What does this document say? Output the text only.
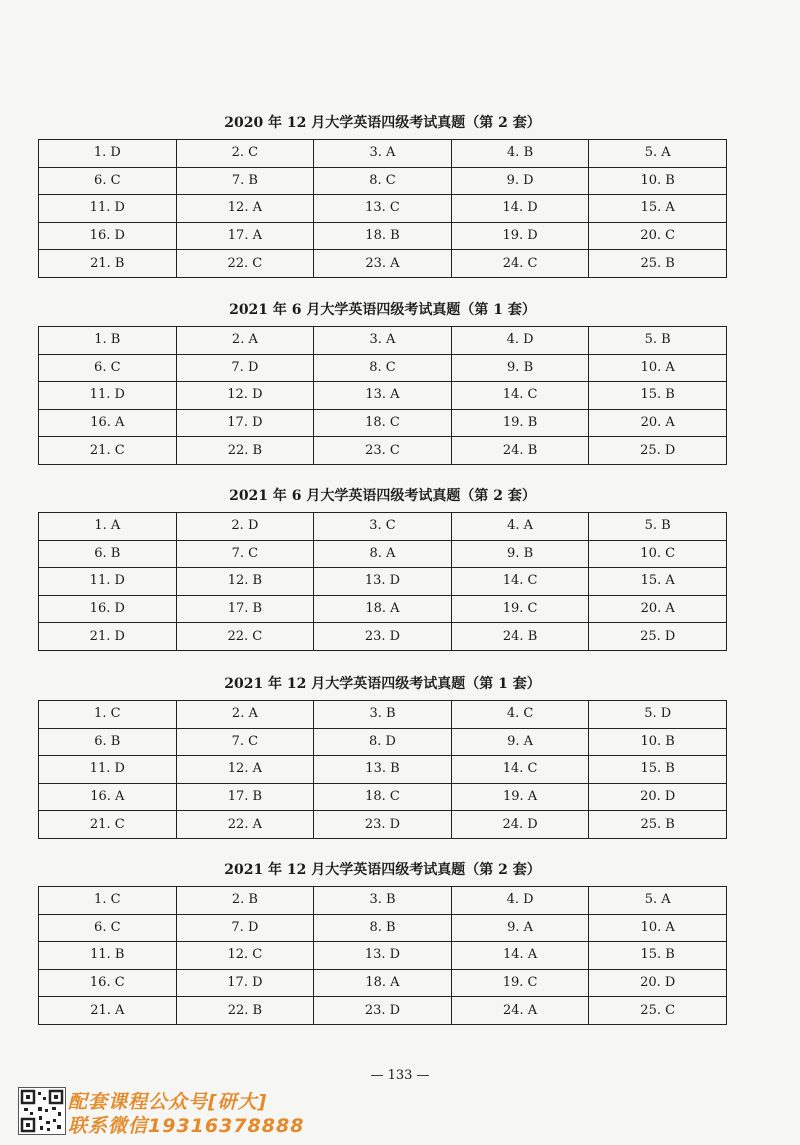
2020 年 12 月大学英语四级考试真题（第 2 套）
1. D	2. C	3. A	4. B	5. A
6. C	7. B	8. C	9. D	10. B
11. D	12. A	13. C	14. D	15. A
16. D	17. A	18. B	19. D	20. C
21. B	22. C	23. A	24. C	25. B
2021 年 6 月大学英语四级考试真题（第 1 套）
1. B	2. A	3. A	4. D	5. B
6. C	7. D	8. C	9. B	10. A
11. D	12. D	13. A	14. C	15. B
16. A	17. D	18. C	19. B	20. A
21. C	22. B	23. C	24. B	25. D
2021 年 6 月大学英语四级考试真题（第 2 套）
1. A	2. D	3. C	4. A	5. B
6. B	7. C	8. A	9. B	10. C
11. D	12. B	13. D	14. C	15. A
16. D	17. B	18. A	19. C	20. A
21. D	22. C	23. D	24. B	25. D
2021 年 12 月大学英语四级考试真题（第 1 套）
1. C	2. A	3. B	4. C	5. D
6. B	7. C	8. D	9. A	10. B
11. D	12. A	13. B	14. C	15. B
16. A	17. B	18. C	19. A	20. D
21. C	22. A	23. D	24. D	25. B
2021 年 12 月大学英语四级考试真题（第 2 套）
1. C	2. B	3. B	4. D	5. A
6. C	7. D	8. B	9. A	10. A
11. B	12. C	13. D	14. A	15. B
16. C	17. D	18. A	19. C	20. D
21. A	22. B	23. D	24. A	25. C
— 133 —
配套课程公众号[研大]
联系微信19316378888
